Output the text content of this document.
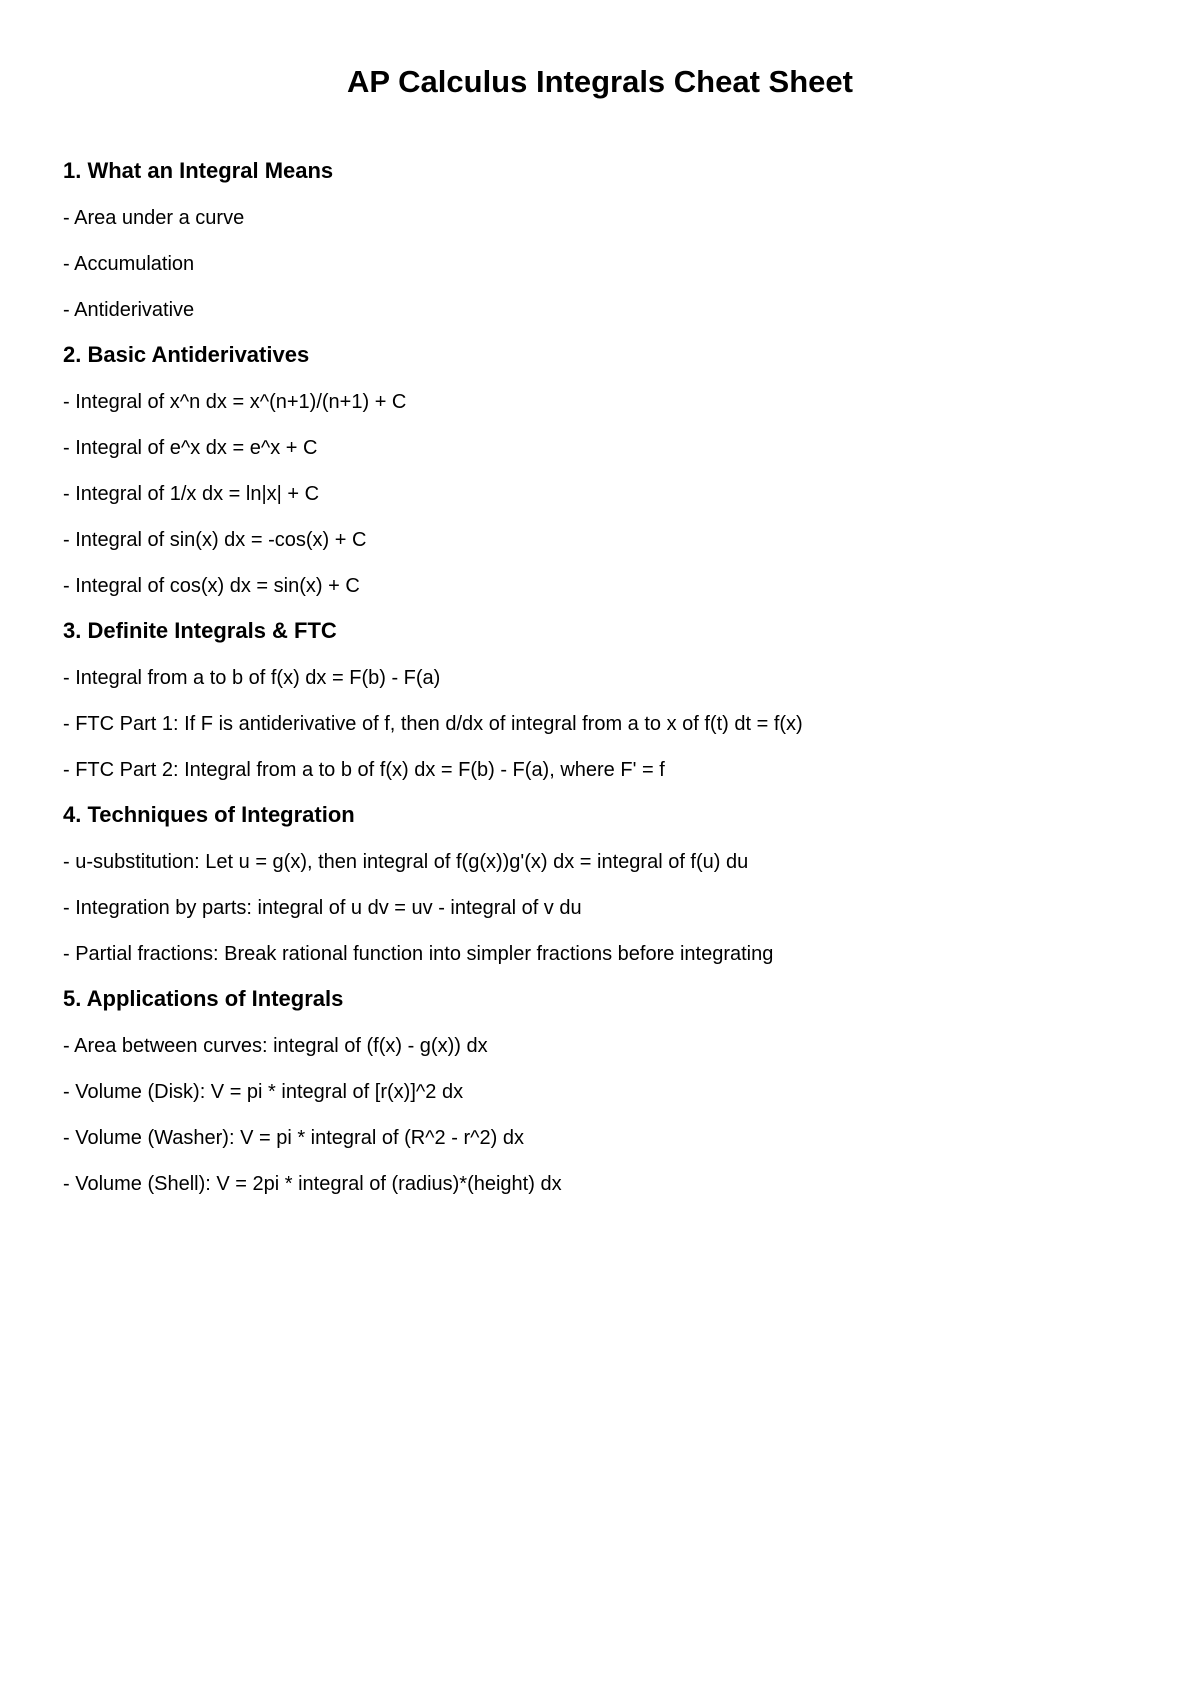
AP Calculus Integrals Cheat Sheet
1. What an Integral Means
- Area under a curve
- Accumulation
- Antiderivative
2. Basic Antiderivatives
- Integral of x^n dx = x^(n+1)/(n+1) + C
- Integral of e^x dx = e^x + C
- Integral of 1/x dx = ln|x| + C
- Integral of sin(x) dx = -cos(x) + C
- Integral of cos(x) dx = sin(x) + C
3. Definite Integrals & FTC
- Integral from a to b of f(x) dx = F(b) - F(a)
- FTC Part 1: If F is antiderivative of f, then d/dx of integral from a to x of f(t) dt = f(x)
- FTC Part 2: Integral from a to b of f(x) dx = F(b) - F(a), where F' = f
4. Techniques of Integration
- u-substitution: Let u = g(x), then integral of f(g(x))g'(x) dx = integral of f(u) du
- Integration by parts: integral of u dv = uv - integral of v du
- Partial fractions: Break rational function into simpler fractions before integrating
5. Applications of Integrals
- Area between curves: integral of (f(x) - g(x)) dx
- Volume (Disk): V = pi * integral of [r(x)]^2 dx
- Volume (Washer): V = pi * integral of (R^2 - r^2) dx
- Volume (Shell): V = 2pi * integral of (radius)*(height) dx
